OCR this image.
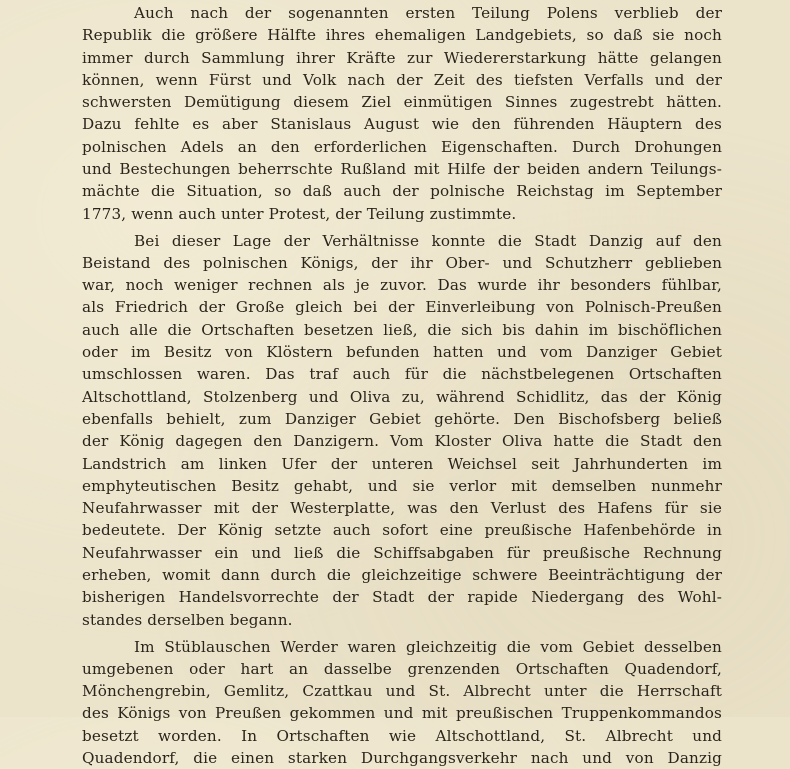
Auch nach der sogenannten ersten Teilung Polens verblieb der
Republik die größere Hälfte ihres ehemaligen Landgebiets, so daß sie noch
immer durch Sammlung ihrer Kräfte zur Wiedererstarkung hätte gelangen
können, wenn Fürst und Volk nach der Zeit des tiefsten Verfalls und der
schwersten Demütigung diesem Ziel einmütigen Sinnes zugestrebt hätten.
Dazu fehlte es aber Stanislaus August wie den führenden Häuptern des
polnischen Adels an den erforderlichen Eigenschaften. Durch Drohungen
und Bestechungen beherrschte Rußland mit Hilfe der beiden andern Teilungs-
mächte die Situation, so daß auch der polnische Reichstag im September
1773, wenn auch unter Protest, der Teilung zustimmte.

Bei dieser Lage der Verhältnisse konnte die Stadt Danzig auf den
Beistand des polnischen Königs, der ihr Ober- und Schutzherr geblieben
war, noch weniger rechnen als je zuvor. Das wurde ihr besonders fühlbar,
als Friedrich der Große gleich bei der Einverleibung von Polnisch-Preußen
auch alle die Ortschaften besetzen ließ, die sich bis dahin im bischöflichen
oder im Besitz von Klöstern befunden hatten und vom Danziger Gebiet
umschlossen waren. Das traf auch für die nächstbelegenen Ortschaften
Altschottland, Stolzenberg und Oliva zu, während Schidlitz, das der König
ebenfalls behielt, zum Danziger Gebiet gehörte. Den Bischofsberg beließ
der König dagegen den Danzigern. Vom Kloster Oliva hatte die Stadt den
Landstrich am linken Ufer der unteren Weichsel seit Jahrhunderten im
emphyteutischen Besitz gehabt, und sie verlor mit demselben nunmehr
Neufahrwasser mit der Westerplatte, was den Verlust des Hafens für sie
bedeutete. Der König setzte auch sofort eine preußische Hafenbehörde in
Neufahrwasser ein und ließ die Schiffsabgaben für preußische Rechnung
erheben, womit dann durch die gleichzeitige schwere Beeinträchtigung der
bisherigen Handelsvorrechte der Stadt der rapide Niedergang des Wohl-
standes derselben begann.

Im Stüblauschen Werder waren gleichzeitig die vom Gebiet desselben
umgebenen oder hart an dasselbe grenzenden Ortschaften Quadendorf,
Mönchengrebin, Gemlitz, Czattkau und St. Albrecht unter die Herrschaft
des Königs von Preußen gekommen und mit preußischen Truppenkommandos
besetzt worden. In Ortschaften wie Altschottland, St. Albrecht und
Quadendorf, die einen starken Durchgangsverkehr nach und von Danzig
